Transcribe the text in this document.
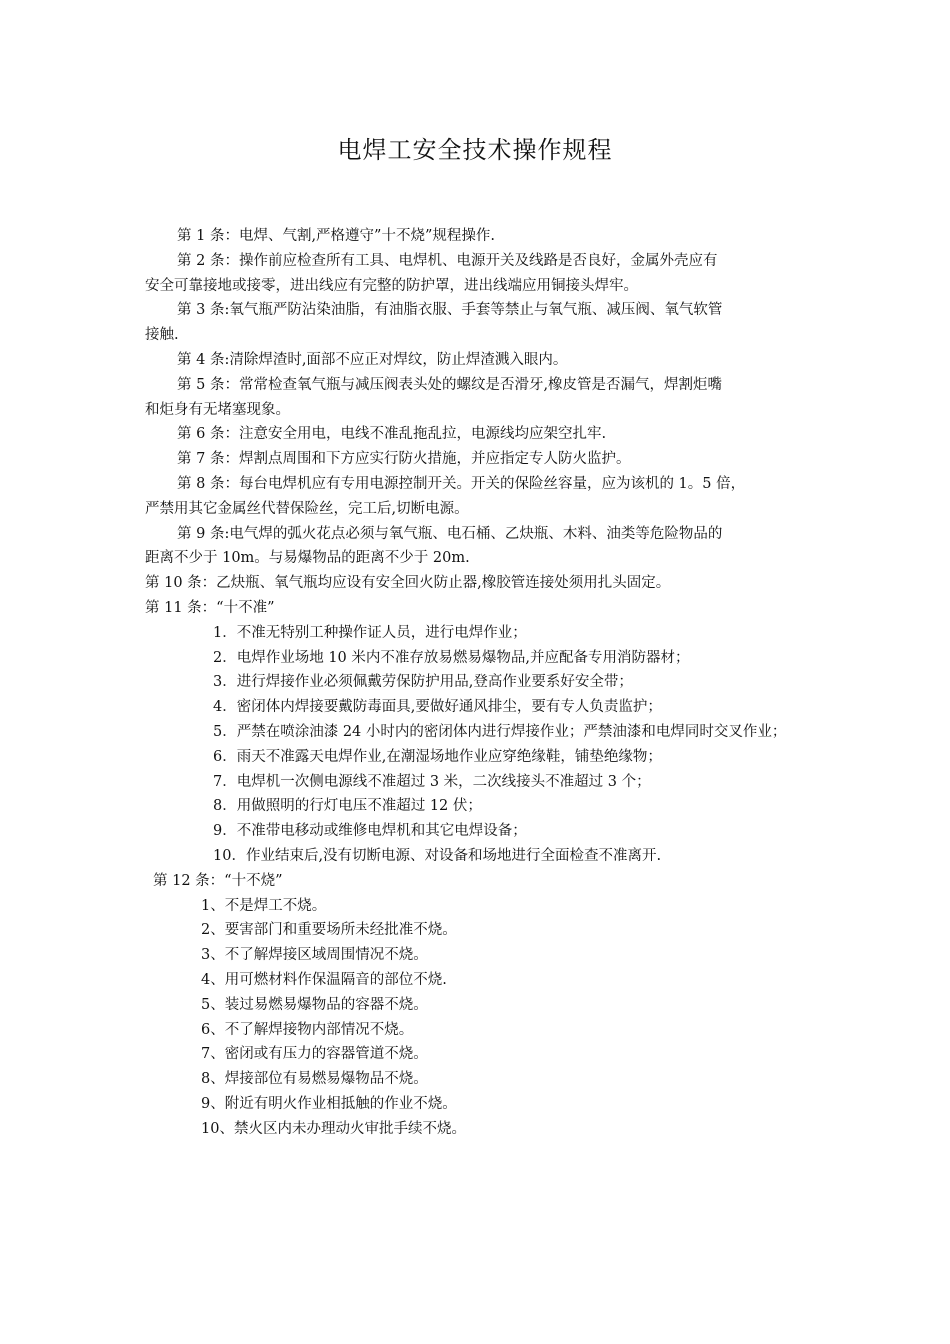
电焊工安全技术操作规程

第 1 条：电焊、气割,严格遵守”十不烧”规程操作.

第 2 条：操作前应检查所有工具、电焊机、电源开关及线路是否良好，金属外壳应有

安全可靠接地或接零，进出线应有完整的防护罩，进出线端应用铜接头焊牢。

第 3 条:氧气瓶严防沾染油脂，有油脂衣服、手套等禁止与氧气瓶、减压阀、氧气软管

接触.

第 4 条:清除焊渣时,面部不应正对焊纹，防止焊渣溅入眼内。

第 5 条：常常检查氧气瓶与减压阀表头处的螺纹是否滑牙,橡皮管是否漏气，焊割炬嘴

和炬身有无堵塞现象。

第 6 条：注意安全用电，电线不准乱拖乱拉，电源线均应架空扎牢.

第 7 条：焊割点周围和下方应实行防火措施，并应指定专人防火监护。

第 8 条：每台电焊机应有专用电源控制开关。开关的保险丝容量，应为该机的 1。5 倍，

严禁用其它金属丝代替保险丝，完工后,切断电源。

第 9 条:电气焊的弧火花点必须与氧气瓶、电石桶、乙炔瓶、木料、油类等危险物品的

距离不少于 10m。与易爆物品的距离不少于 20m.

第 10 条：乙炔瓶、氧气瓶均应设有安全回火防止器,橡胶管连接处须用扎头固定。

第 11 条：“十不准”

1．不准无特别工种操作证人员，进行电焊作业；

2．电焊作业场地 10 米内不准存放易燃易爆物品,并应配备专用消防器材；

3．进行焊接作业必须佩戴劳保防护用品,登高作业要系好安全带；

4．密闭体内焊接要戴防毒面具,要做好通风排尘，要有专人负责监护；

5．严禁在喷涂油漆 24 小时内的密闭体内进行焊接作业；严禁油漆和电焊同时交叉作业；

6．雨天不准露天电焊作业,在潮湿场地作业应穿绝缘鞋，铺垫绝缘物；

7．电焊机一次侧电源线不准超过 3 米，二次线接头不准超过 3 个；

8．用做照明的行灯电压不准超过 12 伏；

9．不准带电移动或维修电焊机和其它电焊设备；

10．作业结束后,没有切断电源、对设备和场地进行全面检查不准离开.

第 12 条：“十不烧”

1、不是焊工不烧。

2、要害部门和重要场所未经批准不烧。

3、不了解焊接区域周围情况不烧。

4、用可燃材料作保温隔音的部位不烧.

5、装过易燃易爆物品的容器不烧。

6、不了解焊接物内部情况不烧。

7、密闭或有压力的容器管道不烧。

8、焊接部位有易燃易爆物品不烧。

9、附近有明火作业相抵触的作业不烧。

10、禁火区内未办理动火审批手续不烧。
